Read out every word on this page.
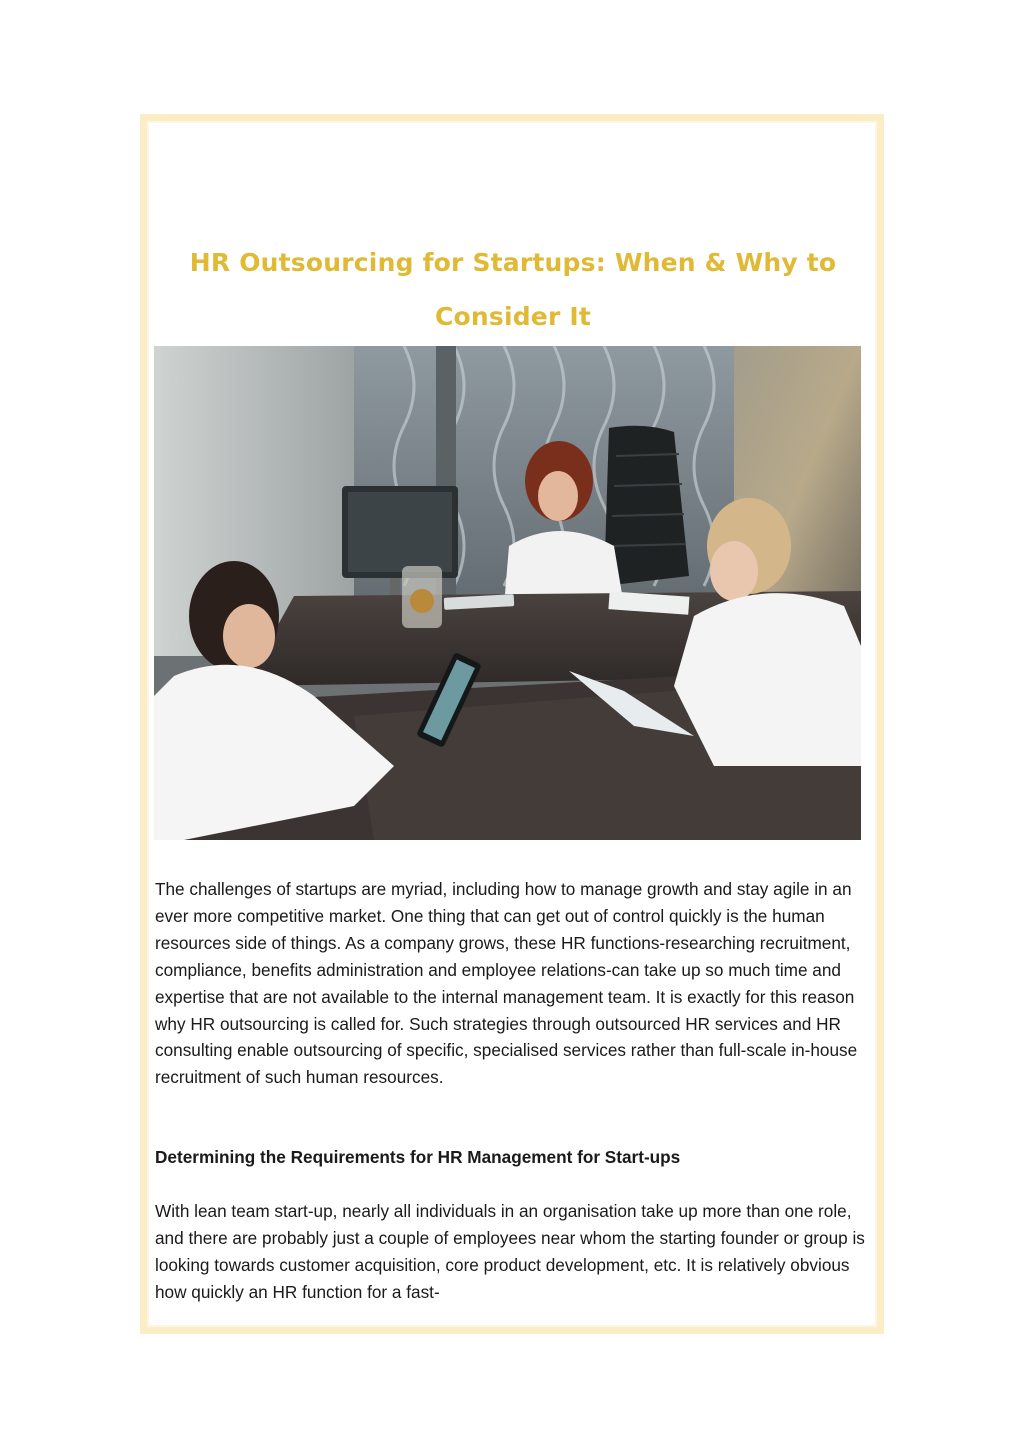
HR Outsourcing for Startups: When & Why to Consider It

The challenges of startups are myriad, including how to manage growth and stay agile in an ever more competitive market. One thing that can get out of control quickly is the human resources side of things. As a company grows, these HR functions-researching recruitment, compliance, benefits administration and employee relations-can take up so much time and expertise that are not available to the internal management team. It is exactly for this reason why HR outsourcing is called for. Such strategies through outsourced HR services and HR consulting enable outsourcing of specific, specialised services rather than full-scale in-house recruitment of such human resources.

Determining the Requirements for HR Management for Start-ups

With lean team start-up, nearly all individuals in an organisation take up more than one role, and there are probably just a couple of employees near whom the starting founder or group is looking towards customer acquisition, core product development, etc. It is relatively obvious how quickly an HR function for a fast-
